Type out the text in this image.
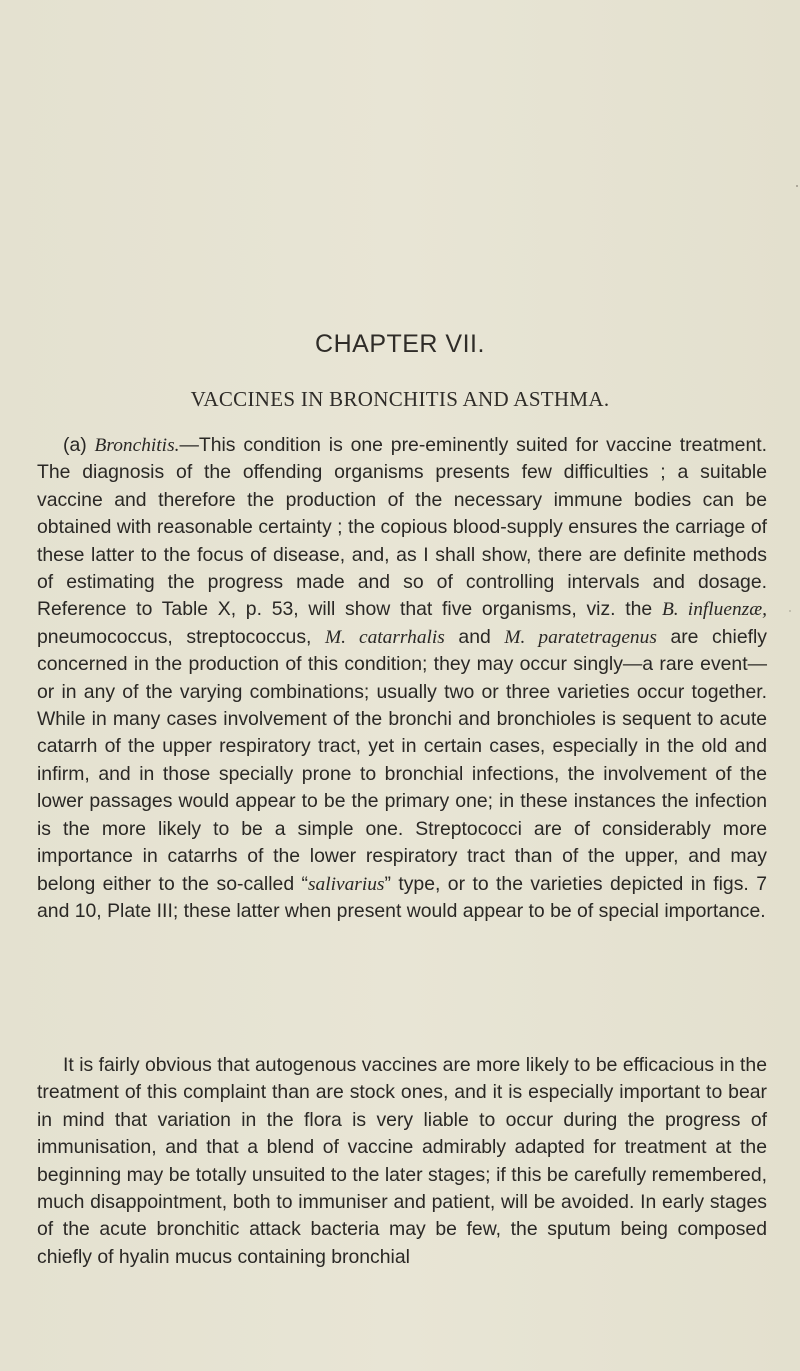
CHAPTER VII.
VACCINES IN BRONCHITIS AND ASTHMA.

(a) Bronchitis.—This condition is one pre-eminently suited for vaccine treatment. The diagnosis of the offending organisms presents few difficulties ; a suitable vaccine and therefore the production of the necessary immune bodies can be obtained with reasonable certainty ; the copious blood-supply ensures the carriage of these latter to the focus of disease, and, as I shall show, there are definite methods of estimating the progress made and so of controlling intervals and dosage. Reference to Table X, p. 53, will show that five organisms, viz. the B. influenzæ, pneumococcus, streptococcus, M. catarrhalis and M. paratetragenus are chiefly concerned in the production of this condition; they may occur singly—a rare event—or in any of the varying combinations; usually two or three varieties occur together. While in many cases involvement of the bronchi and bronchioles is sequent to acute catarrh of the upper respiratory tract, yet in certain cases, especially in the old and infirm, and in those specially prone to bronchial infections, the involvement of the lower passages would appear to be the primary one; in these instances the infection is the more likely to be a simple one. Streptococci are of considerably more importance in catarrhs of the lower respiratory tract than of the upper, and may belong either to the so-called “salivarius” type, or to the varieties depicted in figs. 7 and 10, Plate III; these latter when present would appear to be of special importance.

It is fairly obvious that autogenous vaccines are more likely to be efficacious in the treatment of this complaint than are stock ones, and it is especially important to bear in mind that variation in the flora is very liable to occur during the progress of immunisation, and that a blend of vaccine admirably adapted for treatment at the beginning may be totally unsuited to the later stages; if this be carefully remembered, much disappointment, both to immuniser and patient, will be avoided. In early stages of the acute bronchitic attack bacteria may be few, the sputum being composed chiefly of hyalin mucus containing bronchial
